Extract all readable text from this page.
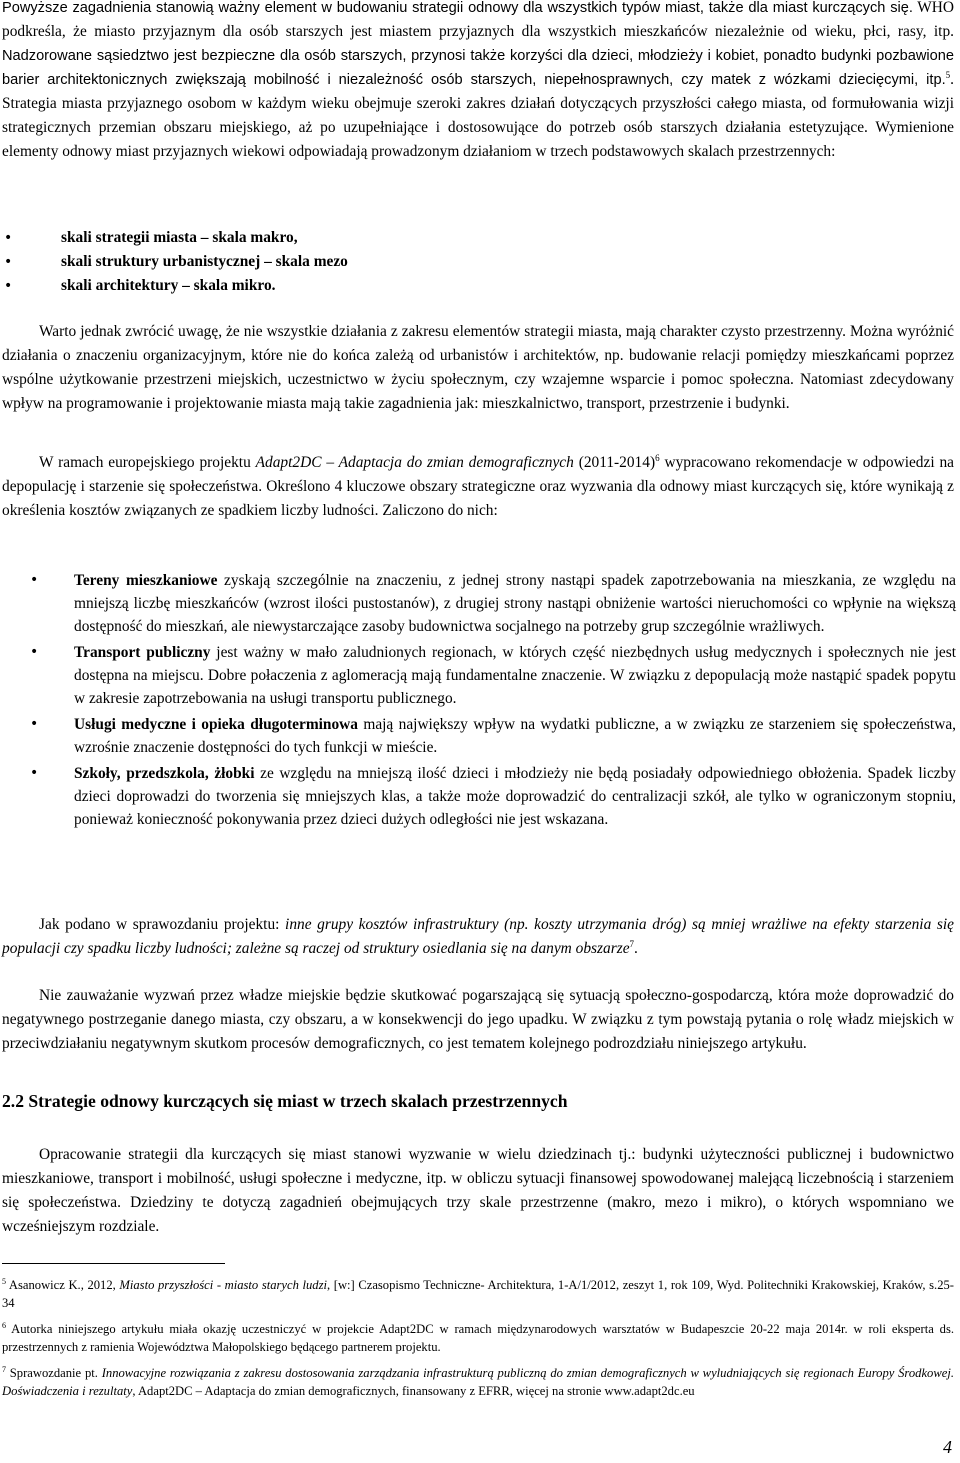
Powyższe zagadnienia stanowią ważny element w budowaniu strategii odnowy dla wszystkich typów miast, także dla miast kurczących się. WHO podkreśla, że miasto przyjaznym dla osób starszych jest miastem przyjaznych dla wszystkich mieszkańców niezależnie od wieku, płci, rasy, itp. Nadzorowane sąsiedztwo jest bezpieczne dla osób starszych, przynosi także korzyści dla dzieci, młodzieży i kobiet, ponadto budynki pozbawione barier architektonicznych zwiększają mobilność i niezależność osób starszych, niepełnosprawnych, czy matek z wózkami dziecięcymi, itp.$^5$. Strategia miasta przyjaznego osobom w każdym wieku obejmuje szeroki zakres działań dotyczących przyszłości całego miasta, od formułowania wizji strategicznych przemian obszaru miejskiego, aż po uzupełniające i dostosowujące do potrzeb osób starszych działania estetyzujące. Wymienione elementy odnowy miast przyjaznych wiekowi odpowiadają prowadzonym działaniom w trzech podstawowych skalach przestrzennych:

•	skali strategii miasta – skala makro,
•	skali struktury urbanistycznej – skala mezo
•	skali architektury – skala mikro.

Warto jednak zwrócić uwagę, że nie wszystkie działania z zakresu elementów strategii miasta, mają charakter czysto przestrzenny. Można wyróżnić działania o znaczeniu organizacyjnym, które nie do końca zależą od urbanistów i architektów, np. budowanie relacji pomiędzy mieszkańcami poprzez wspólne użytkowanie przestrzeni miejskich, uczestnictwo w życiu społecznym, czy wzajemne wsparcie i pomoc społeczna. Natomiast zdecydowany wpływ na programowanie i projektowanie miasta mają takie zagadnienia jak: mieszkalnictwo, transport, przestrzenie i budynki.

W ramach europejskiego projektu Adapt2DC – Adaptacja do zmian demograficznych (2011-2014)$^6$ wypracowano rekomendacje w odpowiedzi na depopulację i starzenie się społeczeństwa. Określono 4 kluczowe obszary strategiczne oraz wyzwania dla odnowy miast kurczących się, które wynikają z określenia kosztów związanych ze spadkiem liczby ludności. Zaliczono do nich:

• Tereny mieszkaniowe zyskają szczególnie na znaczeniu, z jednej strony nastąpi spadek zapotrzebowania na mieszkania, ze względu na mniejszą liczbę mieszkańców (wzrost ilości pustostanów), z drugiej strony nastąpi obniżenie wartości nieruchomości co wpłynie na większą dostępność do mieszkań, ale niewystarczające zasoby budownictwa socjalnego na potrzeby grup szczególnie wrażliwych.
• Transport publiczny jest ważny w mało zaludnionych regionach, w których część niezbędnych usług medycznych i społecznych nie jest dostępna na miejscu. Dobre połaczenia z aglomeracją mają fundamentalne znaczenie. W związku z depopulacją może nastąpić spadek popytu w zakresie zapotrzebowania na usługi transportu publicznego.
• Usługi medyczne i opieka długoterminowa mają największy wpływ na wydatki publiczne, a w związku ze starzeniem się społeczeństwa, wzrośnie znaczenie dostępności do tych funkcji w mieście.
• Szkoły, przedszkola, żłobki ze względu na mniejszą ilość dzieci i młodzieży nie będą posiadały odpowiedniego obłożenia. Spadek liczby dzieci doprowadzi do tworzenia się mniejszych klas, a także może doprowadzić do centralizacji szkół, ale tylko w ograniczonym stopniu, ponieważ konieczność pokonywania przez dzieci dużych odległości nie jest wskazana.

Jak podano w sprawozdaniu projektu: inne grupy kosztów infrastruktury (np. koszty utrzymania dróg) są mniej wrażliwe na efekty starzenia się populacji czy spadku liczby ludności; zależne są raczej od struktury osiedlania się na danym obszarze$^7$.

Nie zauważanie wyzwań przez władze miejskie będzie skutkować pogarszającą się sytuacją społeczno-gospodarczą, która może doprowadzić do negatywnego postrzeganie danego miasta, czy obszaru, a w konsekwencji do jego upadku. W związku z tym powstają pytania o rolę władz miejskich w przeciwdziałaniu negatywnym skutkom procesów demograficznych, co jest tematem kolejnego podrozdziału niniejszego artykułu.

2.2 Strategie odnowy kurczących się miast w trzech skalach przestrzennych

Opracowanie strategii dla kurczących się miast stanowi wyzwanie w wielu dziedzinach tj.: budynki użyteczności publicznej i budownictwo mieszkaniowe, transport i mobilność, usługi społeczne i medyczne, itp. w obliczu sytuacji finansowej spowodowanej malejącą liczebnością i starzeniem się społeczeństwa. Dziedziny te dotyczą zagadnień obejmujących trzy skale przestrzenne (makro, mezo i mikro), o których wspomniano we wcześniejszym rozdziale.

$^5$ Asanowicz K., 2012, Miasto przyszłości - miasto starych ludzi, [w:] Czasopismo Techniczne- Architektura, 1-A/1/2012, zeszyt 1, rok 109, Wyd. Politechniki Krakowskiej, Kraków, s.25-34

$^6$ Autorka niniejszego artykułu miała okazję uczestniczyć w projekcie Adapt2DC w ramach międzynarodowych warsztatów w Budapeszcie 20-22 maja 2014r. w roli eksperta ds. przestrzennych z ramienia Województwa Małopolskiego będącego partnerem projektu.

$^7$ Sprawozdanie pt. Innowacyjne rozwiązania z zakresu dostosowania zarządzania infrastrukturą publiczną do zmian demograficznych w wyludniających się regionach Europy Środkowej. Doświadczenia i rezultaty, Adapt2DC – Adaptacja do zmian demograficznych, finansowany z EFRR, więcej na stronie www.adapt2dc.eu

4
